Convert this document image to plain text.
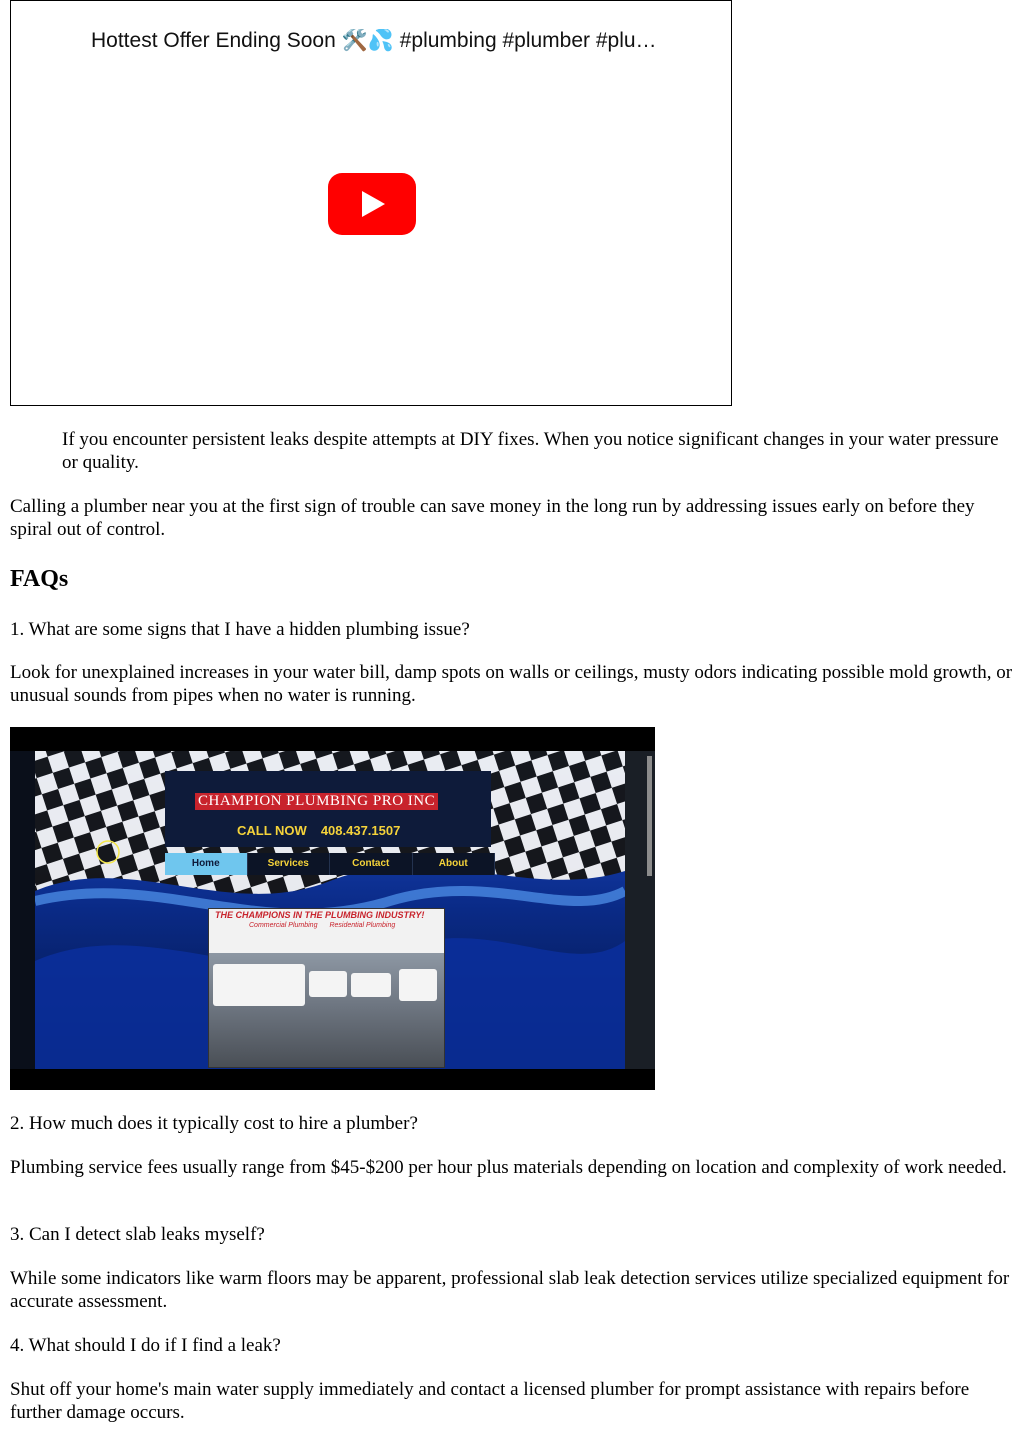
Hottest Offer Ending Soon 🛠️💦 #plumbing #plumber #plu…

If you encounter persistent leaks despite attempts at DIY fixes. When you notice significant changes in your water pressure or quality.

Calling a plumber near you at the first sign of trouble can save money in the long run by addressing issues early on before they spiral out of control.

FAQs

1. What are some signs that I have a hidden plumbing issue?

Look for unexplained increases in your water bill, damp spots on walls or ceilings, musty odors indicating possible mold growth, or unusual sounds from pipes when no water is running.

CHAMPION PLUMBING PRO INC
CALL NOW 408.437.1507
Home	Services	Contact	About
THE CHAMPIONS IN THE PLUMBING INDUSTRY!
Commercial Plumbing Residential Plumbing

2. How much does it typically cost to hire a plumber?

Plumbing service fees usually range from $45-$200 per hour plus materials depending on location and complexity of work needed.

3. Can I detect slab leaks myself?

While some indicators like warm floors may be apparent, professional slab leak detection services utilize specialized equipment for accurate assessment.

4. What should I do if I find a leak?

Shut off your home's main water supply immediately and contact a licensed plumber for prompt assistance with repairs before further damage occurs.
